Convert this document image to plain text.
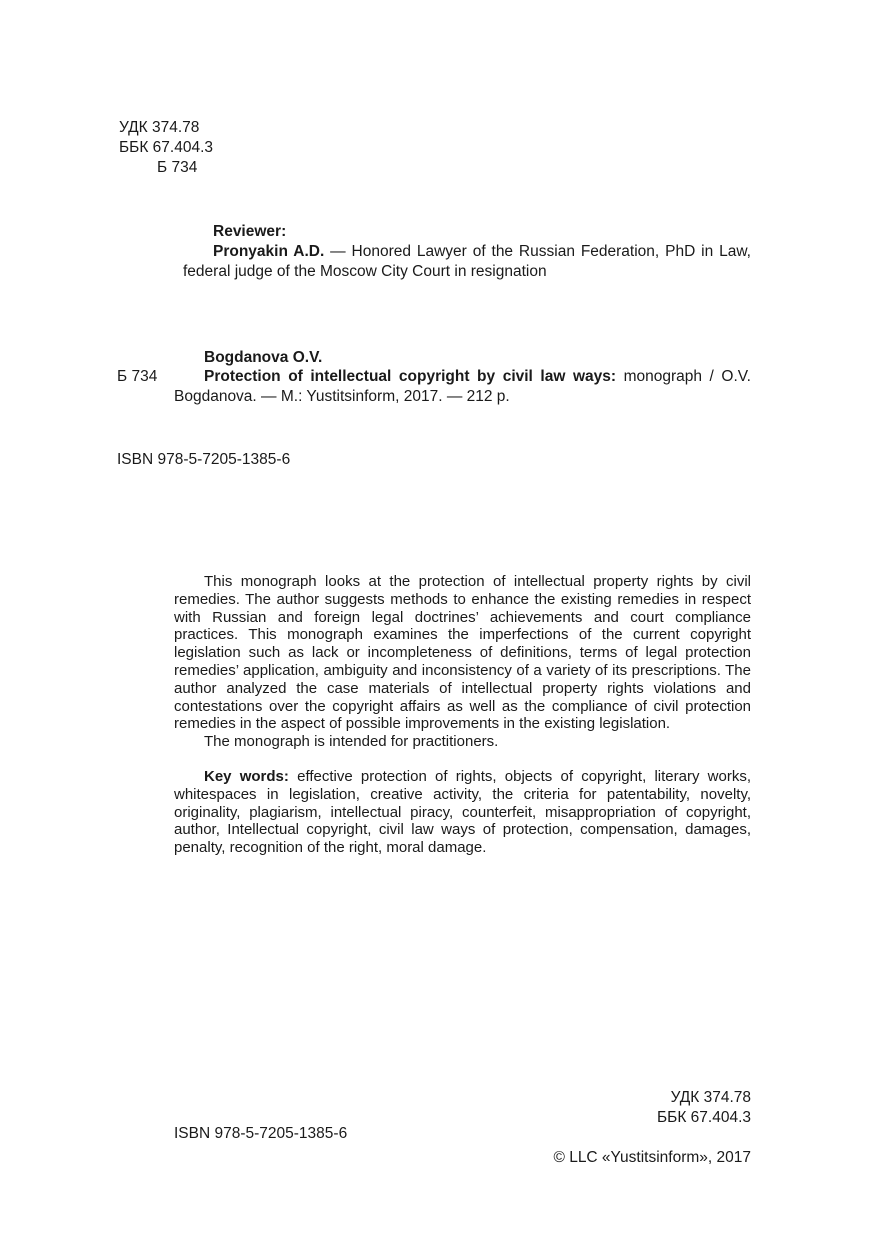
УДК 374.78
ББК 67.404.3
Б 734
Reviewer:
Pronyakin A.D. — Honored Lawyer of the Russian Federation, PhD in Law, federal judge of the Moscow City Court in resignation
Bogdanova O.V.
Б 734	Protection of intellectual copyright by civil law ways: monograph / O.V. Bogdanova. — M.: Yustitsinform, 2017. — 212 p.
ISBN 978-5-7205-1385-6

This monograph looks at the protection of intellectual property rights by civil remedies. The author suggests methods to enhance the existing remedies in respect with Russian and foreign legal doctrines’ achievements and court compliance practices. This monograph examines the imperfections of the current copyright legislation such as lack or incompleteness of definitions, terms of legal protection remedies’ application, ambiguity and inconsistency of a variety of its prescriptions. The author analyzed the case materials of intellectual property rights violations and contestations over the copyright affairs as well as the compliance of civil protection remedies in the aspect of possible improvements in the existing legislation.

The monograph is intended for practitioners.

Key words: effective protection of rights, objects of copyright, literary works, whitespaces in legislation, creative activity, the criteria for patentability, novelty, originality, plagiarism, intellectual piracy, counterfeit, misappropriation of copyright, author, Intellectual copyright, civil law ways of protection, compensation, damages, penalty, recognition of the right, moral damage.

УДК 374.78
ББК 67.404.3
ISBN 978-5-7205-1385-6
© LLC «Yustitsinform», 2017
